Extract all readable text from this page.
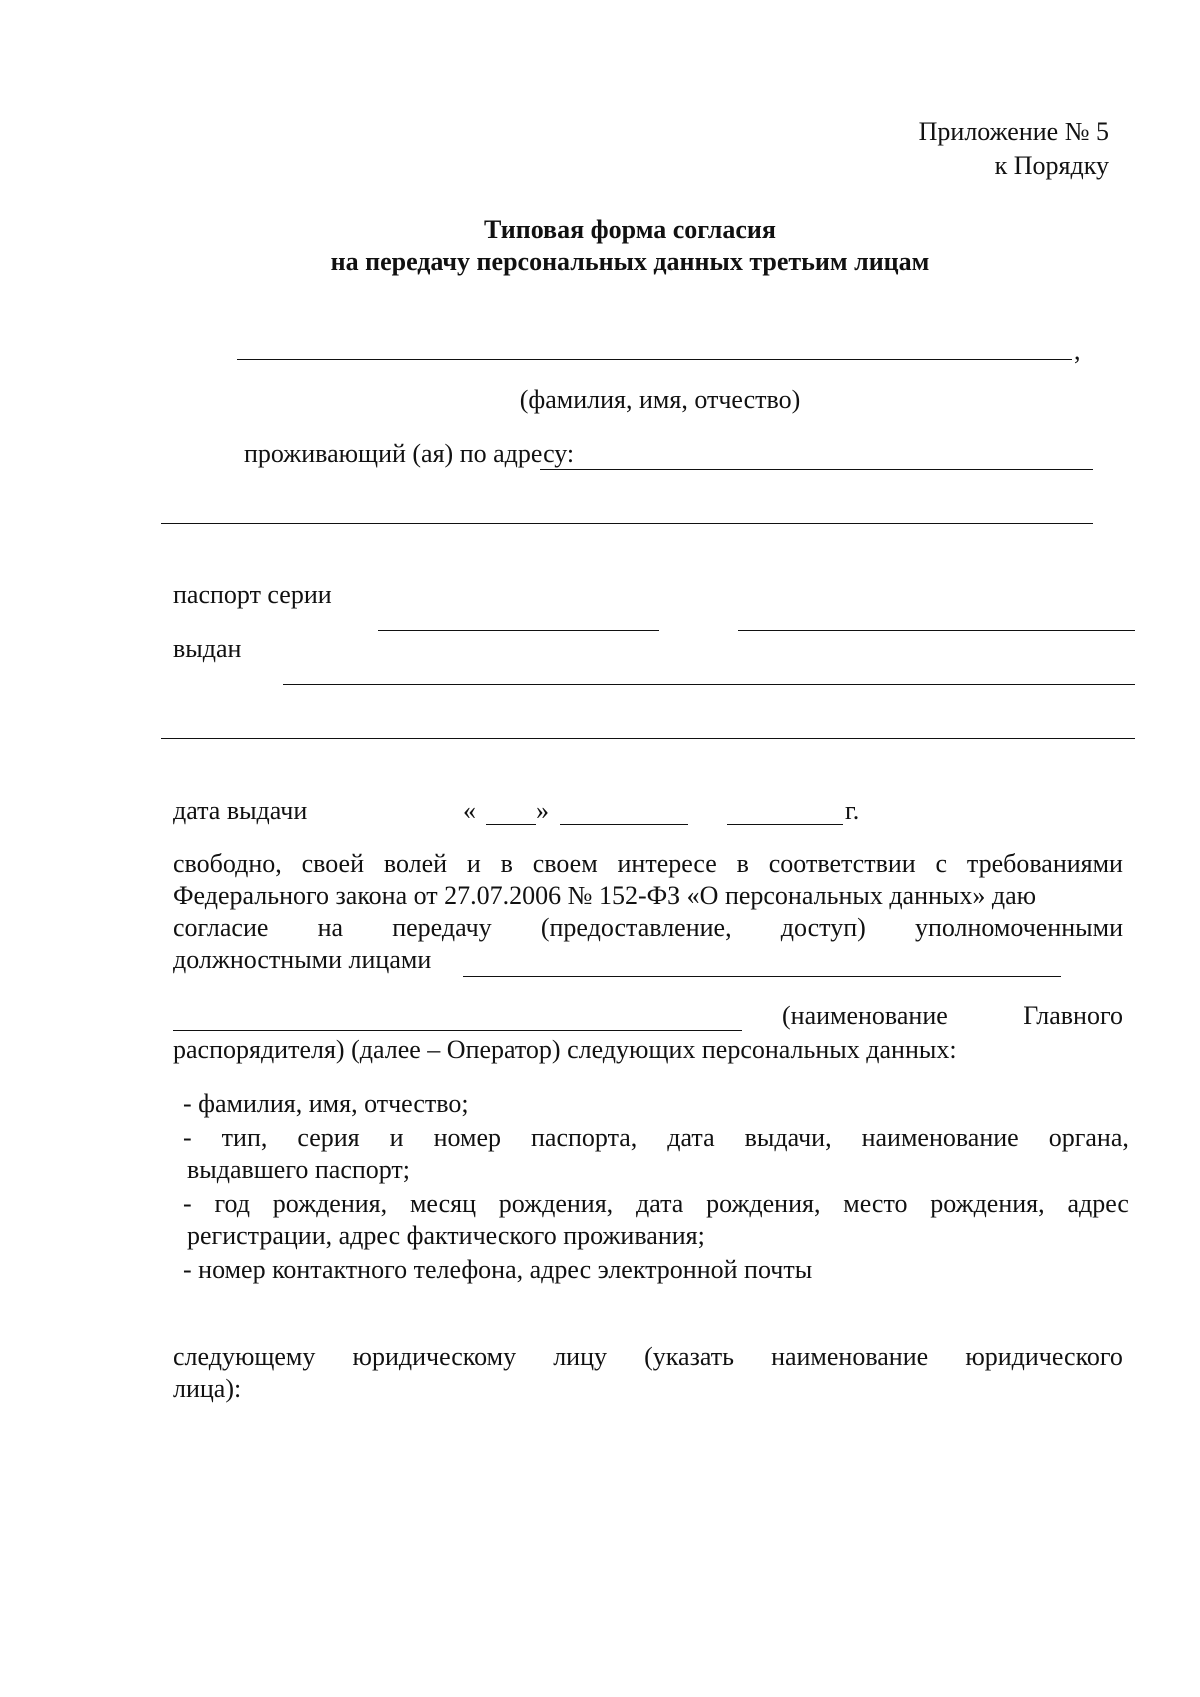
Приложение № 5
к Порядку
Типовая форма согласия
на передачу персональных данных третьим лицам
,
(фамилия, имя, отчество)
проживающий (ая) по адресу:
паспорт серии
выдан
дата выдачи	« »	г.
свободно, своей волей и в своем интересе в соответствии с требованиями
Федерального закона от 27.07.2006 № 152-ФЗ «О персональных данных» даю
согласие на передачу (предоставление, доступ) уполномоченными
должностными лицами
(наименование	Главного
распорядителя) (далее – Оператор) следующих персональных данных:
- фамилия, имя, отчество;
- тип, серия и номер паспорта, дата выдачи, наименование органа,
выдавшего паспорт;
- год рождения, месяц рождения, дата рождения, место рождения, адрес
регистрации, адрес фактического проживания;
- номер контактного телефона, адрес электронной почты
следующему юридическому лицу (указать наименование юридического
лица):
